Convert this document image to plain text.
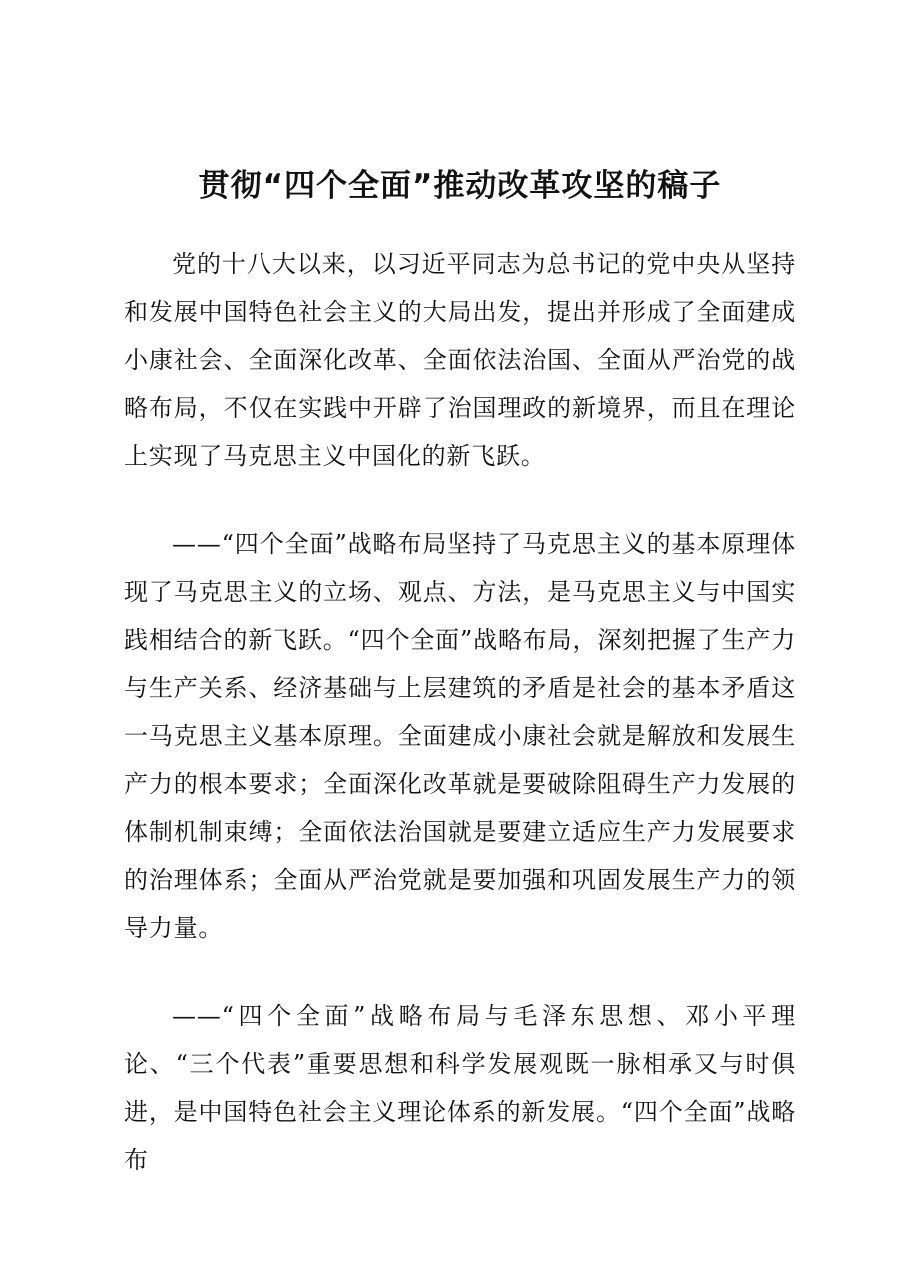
贯彻“四个全面”推动改革攻坚的稿子

党的十八大以来，以习近平同志为总书记的党中央从坚持和发展中国特色社会主义的大局出发，提出并形成了全面建成小康社会、全面深化改革、全面依法治国、全面从严治党的战略布局，不仅在实践中开辟了治国理政的新境界，而且在理论上实现了马克思主义中国化的新飞跃。

——“四个全面”战略布局坚持了马克思主义的基本原理体现了马克思主义的立场、观点、方法，是马克思主义与中国实践相结合的新飞跃。“四个全面”战略布局，深刻把握了生产力与生产关系、经济基础与上层建筑的矛盾是社会的基本矛盾这一马克思主义基本原理。全面建成小康社会就是解放和发展生产力的根本要求；全面深化改革就是要破除阻碍生产力发展的体制机制束缚；全面依法治国就是要建立适应生产力发展要求的治理体系；全面从严治党就是要加强和巩固发展生产力的领导力量。

——“四个全面”战略布局与毛泽东思想、邓小平理论、“三个代表”重要思想和科学发展观既一脉相承又与时俱进，是中国特色社会主义理论体系的新发展。“四个全面”战略布
